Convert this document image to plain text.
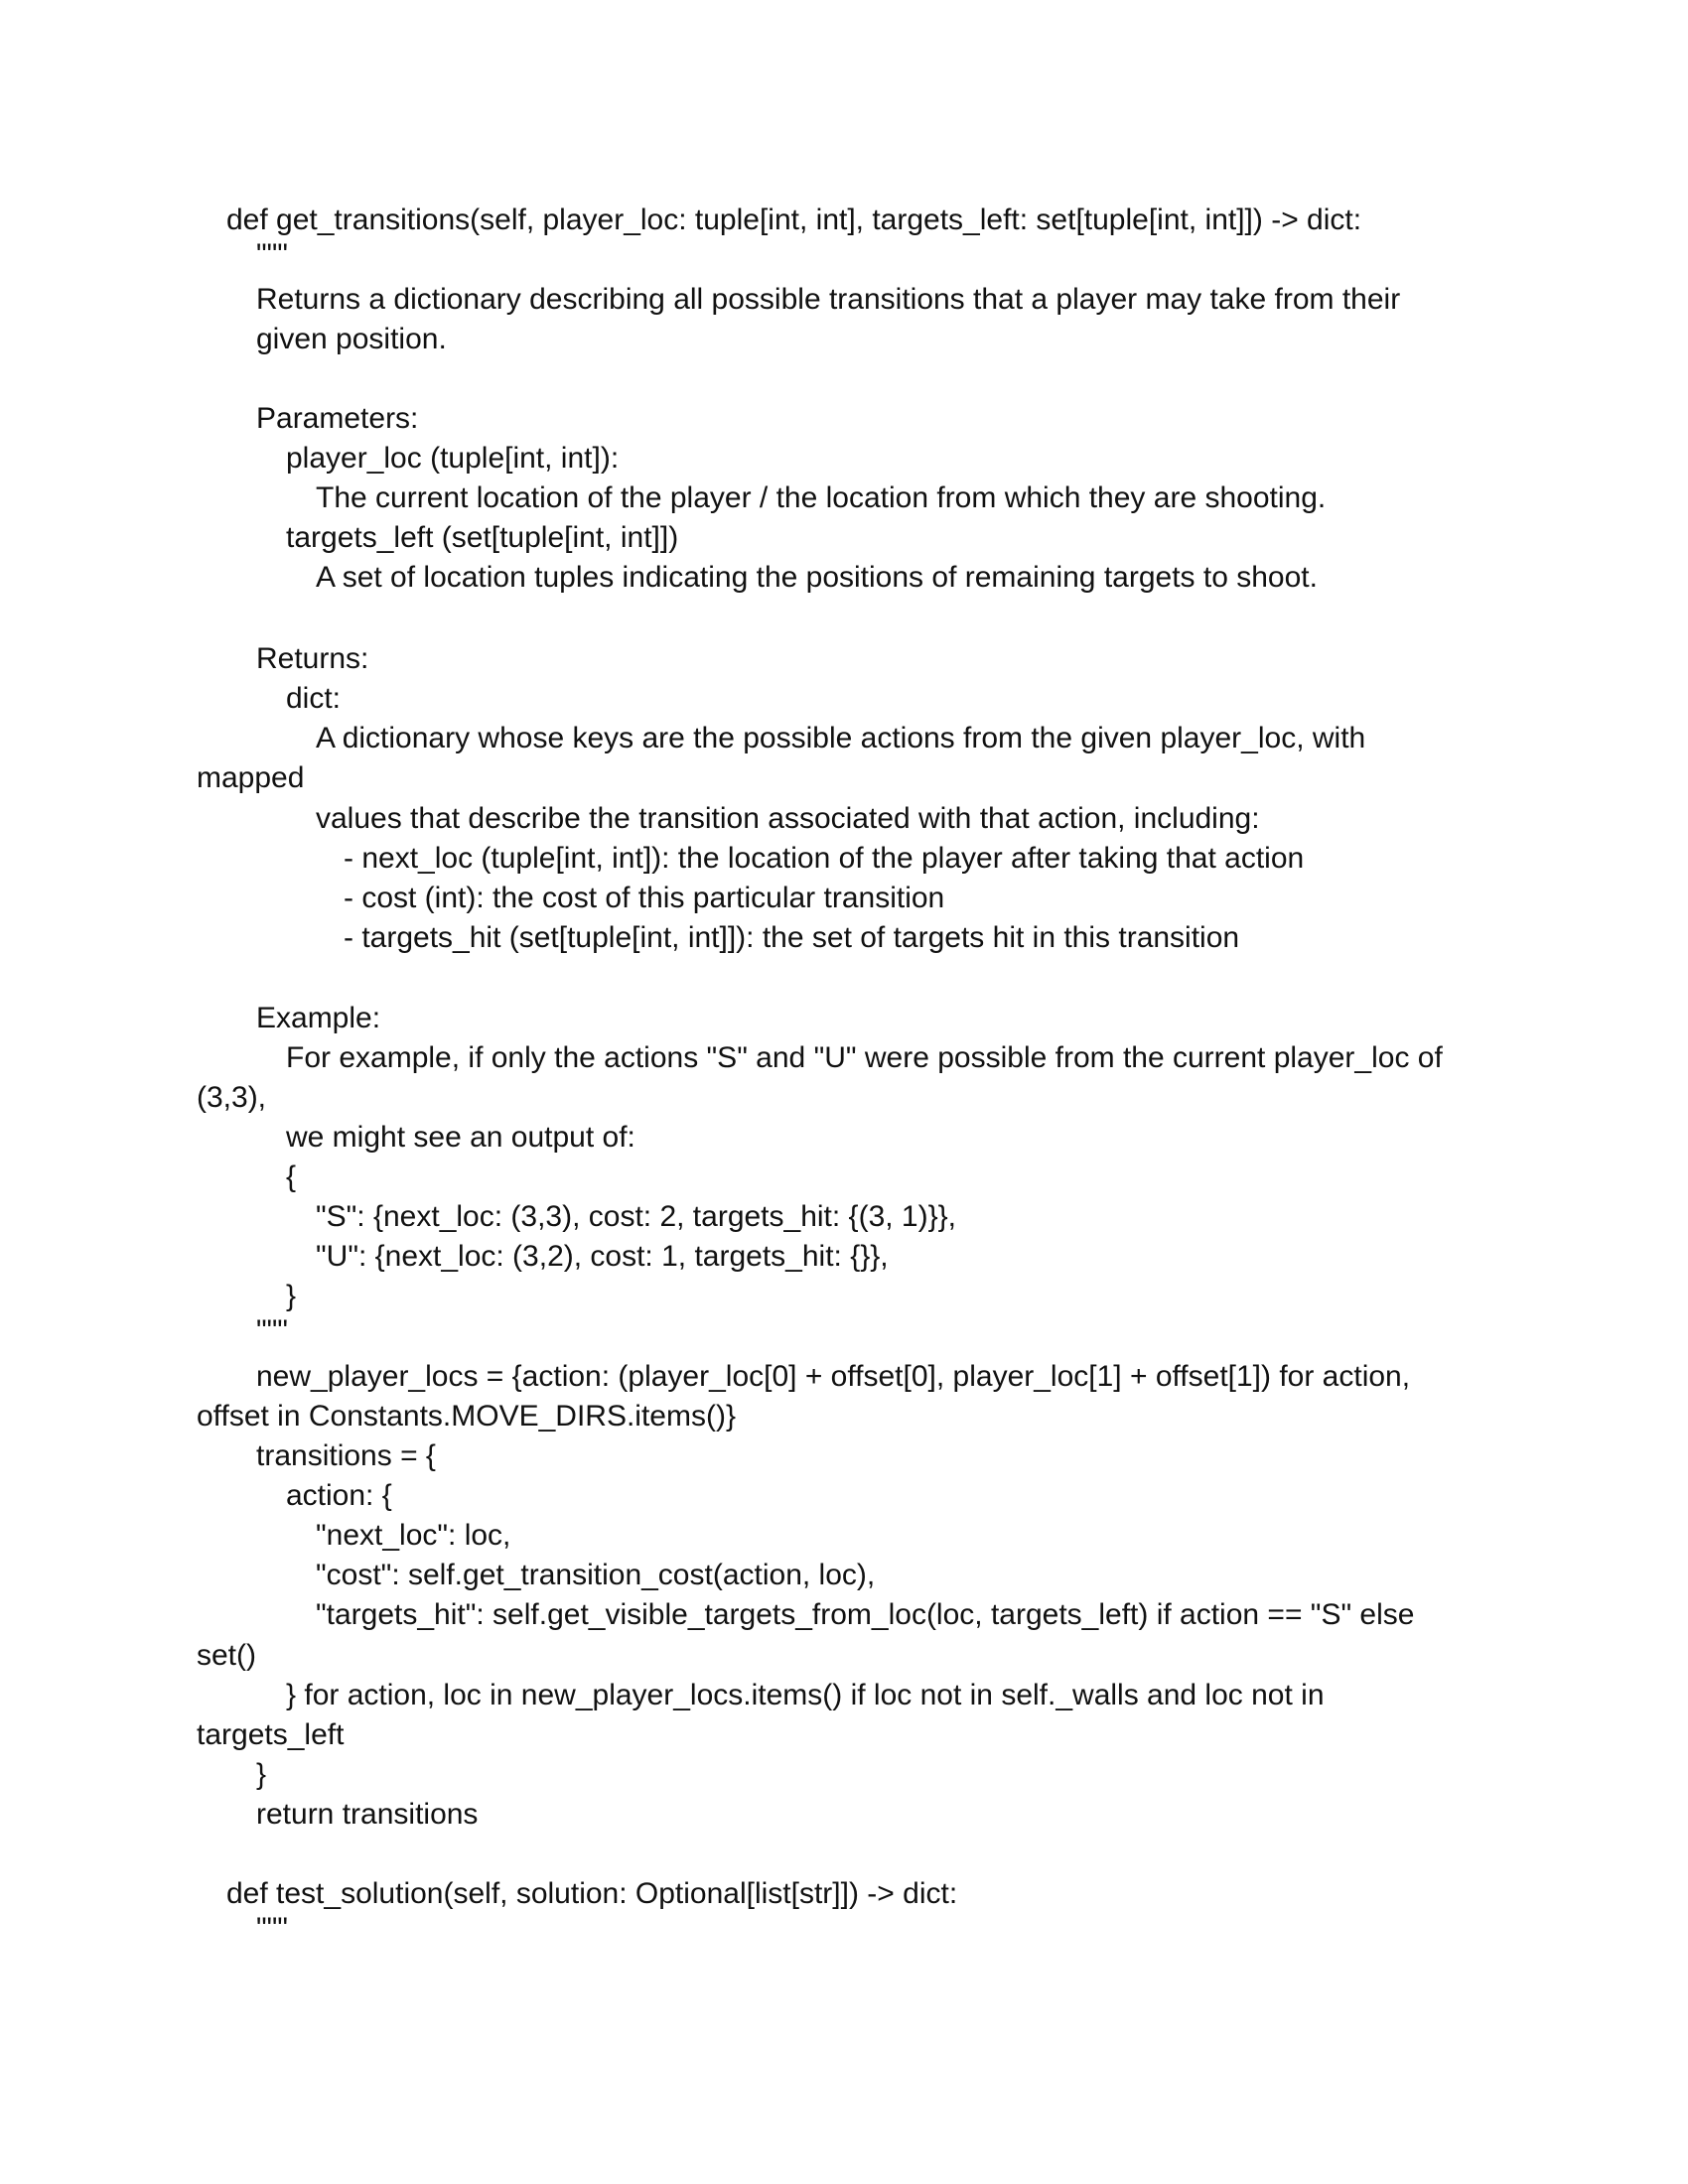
def get_transitions(self, player_loc: tuple[int, int], targets_left: set[tuple[int, int]]) -> dict:
"""
Returns a dictionary describing all possible transitions that a player may take from their
given position.
Parameters:
player_loc (tuple[int, int]):
The current location of the player / the location from which they are shooting.
targets_left (set[tuple[int, int]])
A set of location tuples indicating the positions of remaining targets to shoot.
Returns:
dict:
A dictionary whose keys are the possible actions from the given player_loc, with
mapped
values that describe the transition associated with that action, including:
- next_loc (tuple[int, int]): the location of the player after taking that action
- cost (int): the cost of this particular transition
- targets_hit (set[tuple[int, int]]): the set of targets hit in this transition
Example:
For example, if only the actions "S" and "U" were possible from the current player_loc of
(3,3),
we might see an output of:
{
"S": {next_loc: (3,3), cost: 2, targets_hit: {(3, 1)}},
"U": {next_loc: (3,2), cost: 1, targets_hit: {}},
}
"""
new_player_locs = {action: (player_loc[0] + offset[0], player_loc[1] + offset[1]) for action,
offset in Constants.MOVE_DIRS.items()}
transitions = {
action: {
"next_loc": loc,
"cost": self.get_transition_cost(action, loc),
"targets_hit": self.get_visible_targets_from_loc(loc, targets_left) if action == "S" else
set()
} for action, loc in new_player_locs.items() if loc not in self._walls and loc not in
targets_left
}
return transitions
def test_solution(self, solution: Optional[list[str]]) -> dict:
"""
